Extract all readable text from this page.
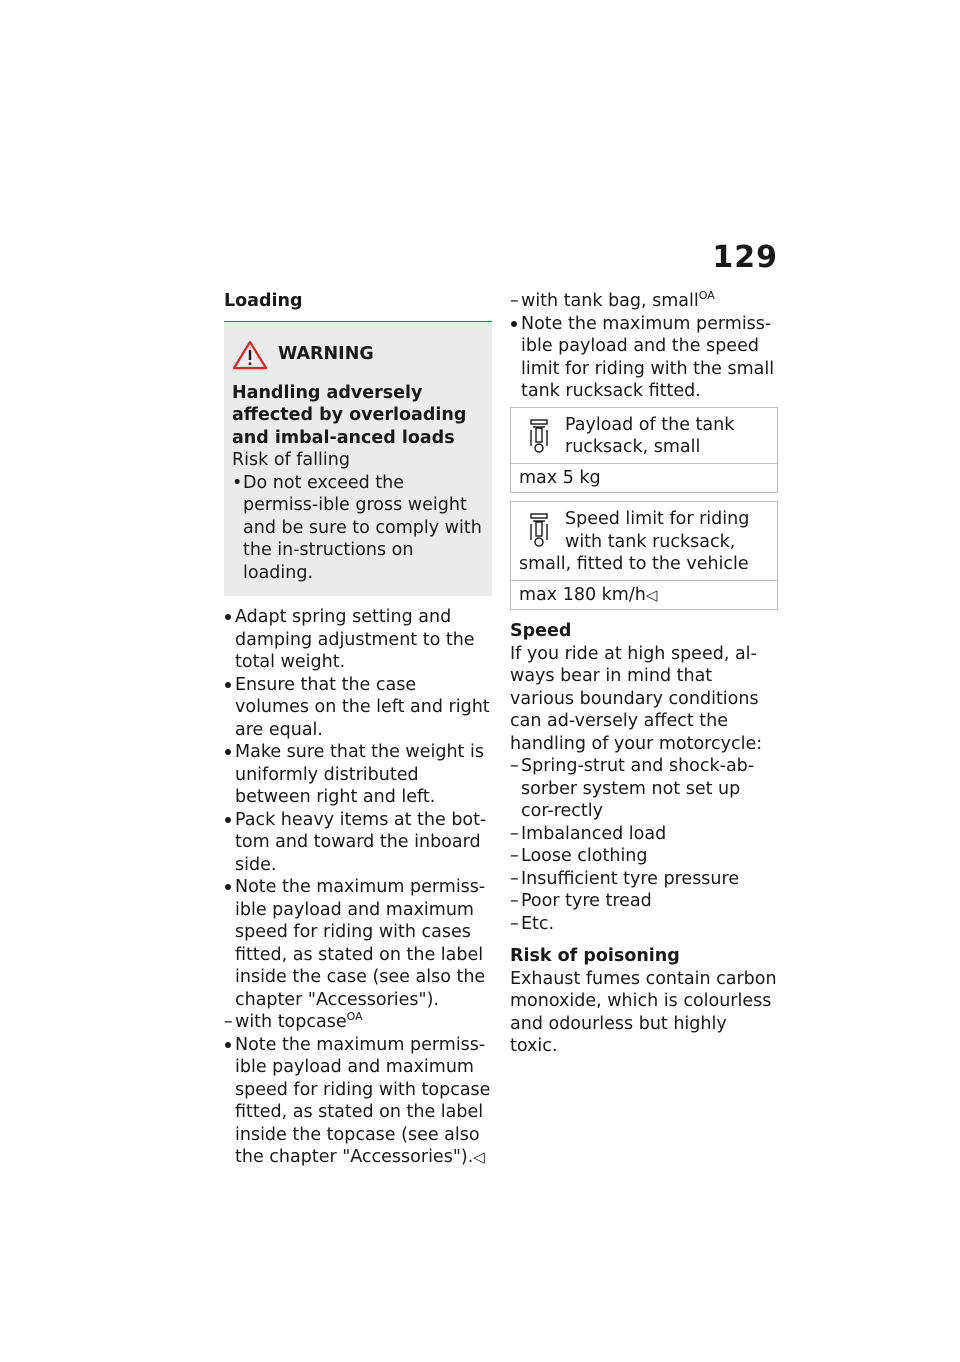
129
Loading
WARNING
Handling adversely affected by overloading and imbal-anced loads
Risk of falling
• Do not exceed the permiss-ible gross weight and be sure to comply with the in-structions on loading.
Adapt spring setting and damping adjustment to the total weight.
Ensure that the case volumes on the left and right are equal.
Make sure that the weight is uniformly distributed between right and left.
Pack heavy items at the bot-tom and toward the inboard side.
Note the maximum permiss-ible payload and maximum speed for riding with cases fitted, as stated on the label inside the case (see also the chapter "Accessories").
– with topcase$^{OA}$
Note the maximum permiss-ible payload and maximum speed for riding with topcase fitted, as stated on the label inside the topcase (see also the chapter "Accessories").◁
– with tank bag, small$^{OA}$
Note the maximum permiss-ible payload and the speed limit for riding with the small tank rucksack fitted.
Payload of the tank rucksack, small
max 5 kg
Speed limit for riding with tank rucksack, small, fitted to the vehicle
max 180 km/h◁
Speed
If you ride at high speed, al-ways bear in mind that various boundary conditions can ad-versely affect the handling of your motorcycle:
– Spring-strut and shock-ab-sorber system not set up cor-rectly
– Imbalanced load
– Loose clothing
– Insufficient tyre pressure
– Poor tyre tread
– Etc.
Risk of poisoning
Exhaust fumes contain carbon monoxide, which is colourless and odourless but highly toxic.
